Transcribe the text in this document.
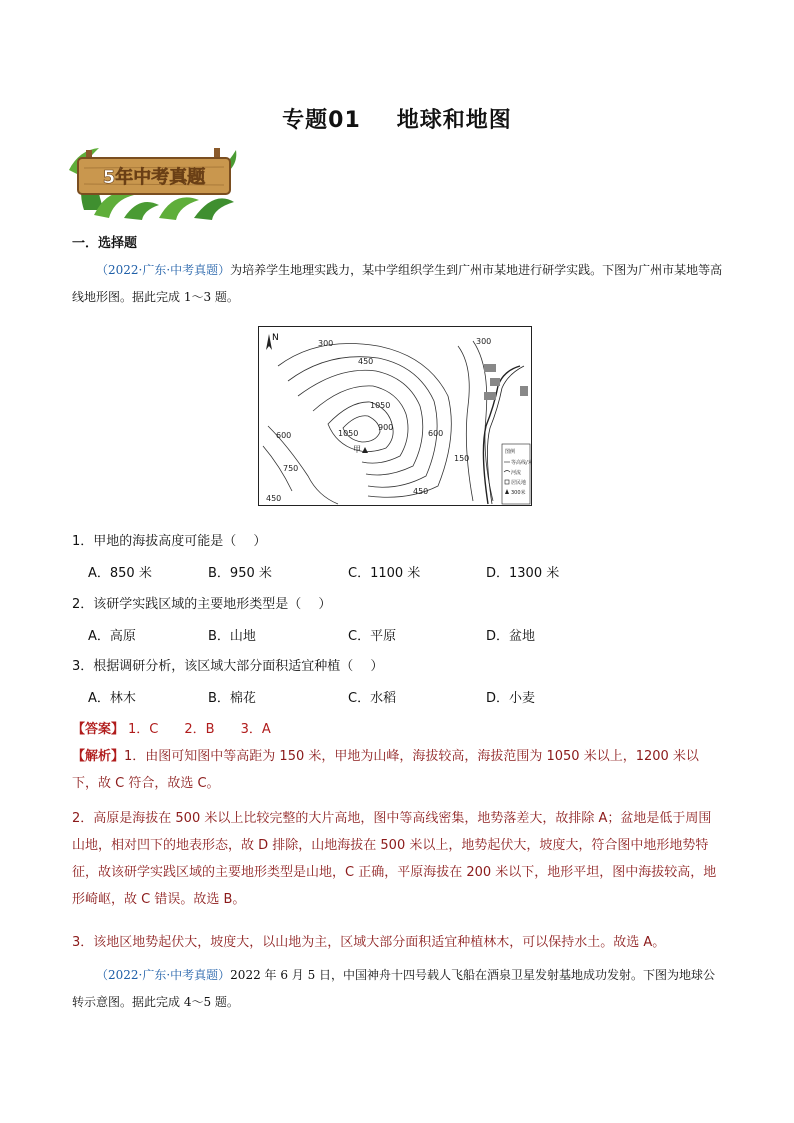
专题01 地球和地图
5年中考真题
一．选择题
（2022·广东·中考真题）为培养学生地理实践力，某中学组织学生到广州市某地进行研学实践。下图为广州市某地等高线地形图。据此完成 1～3 题。
N
300
450
1050
900
750
1050
600
450
300
600
450
150
甲	图例
等高线/米
河流
居民地
300米
1．甲地的海拔高度可能是（　 ）
A．850 米	B．950 米	C．1100 米	D．1300 米
2．该研学实践区域的主要地形类型是（　 ）
A．高原	B．山地	C．平原	D．盆地
3．根据调研分析，该区域大部分面积适宜种植（　 ）
A．林木	B．棉花	C．水稻	D．小麦
【答案】 1．C 2．B 3．A
【解析】1．由图可知图中等高距为 150 米，甲地为山峰，海拔较高，海拔范围为 1050 米以上，1200 米以下，故 C 符合，故选 C。
2．高原是海拔在 500 米以上比较完整的大片高地，图中等高线密集，地势落差大，故排除 A；盆地是低于周围山地，相对凹下的地表形态，故 D 排除，山地海拔在 500 米以上，地势起伏大，坡度大，符合图中地形地势特征，故该研学实践区域的主要地形类型是山地，C 正确，平原海拔在 200 米以下，地形平坦，图中海拔较高，地形崎岖，故 C 错误。故选 B。
3．该地区地势起伏大，坡度大，以山地为主，区域大部分面积适宜种植林木，可以保持水土。故选 A。
（2022·广东·中考真题）2022 年 6 月 5 日，中国神舟十四号载人飞船在酒泉卫星发射基地成功发射。下图为地球公转示意图。据此完成 4～5 题。
